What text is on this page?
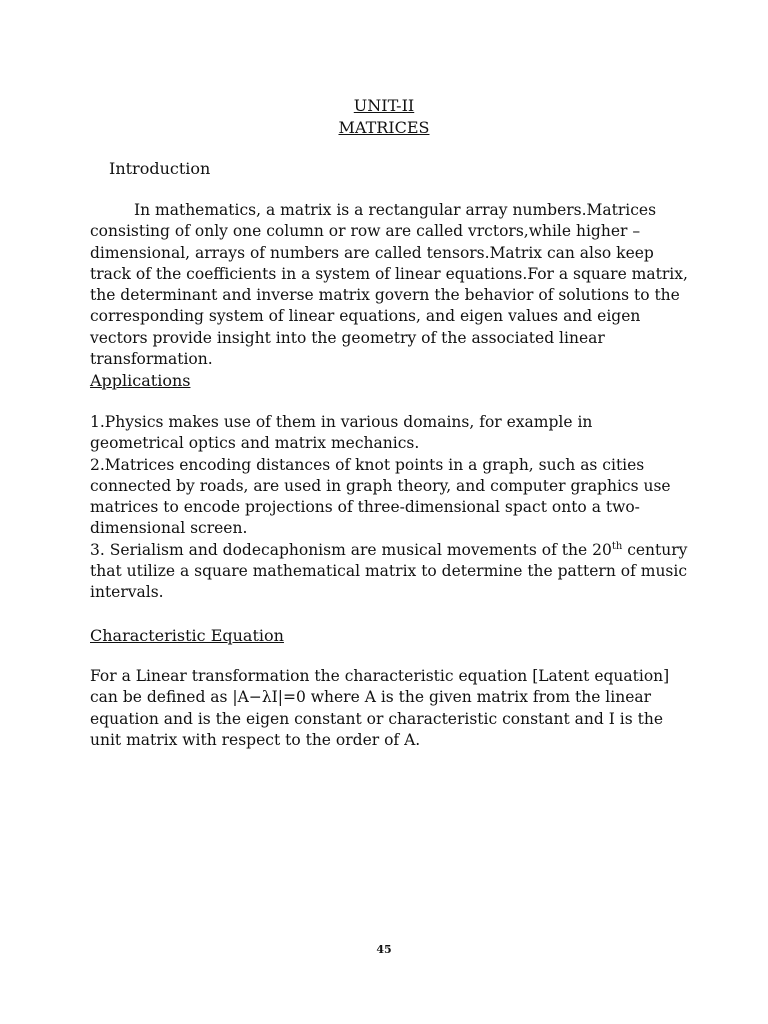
UNIT-II
MATRICES
Introduction
In mathematics, a matrix is a rectangular array numbers.Matrices consisting of only one column or row are called vrctors,while higher – dimensional, arrays of numbers are called tensors.Matrix can also keep track of the coefficients in a system of linear equations.For a square matrix, the determinant and inverse matrix govern the behavior of solutions to the corresponding system of linear equations, and eigen values and eigen vectors provide insight into the geometry of the associated linear transformation.
Applications
1.Physics makes use of them in various domains, for example in geometrical optics and matrix mechanics.
2.Matrices encoding distances of knot points in a graph, such as cities connected by roads, are used in graph theory, and computer graphics use matrices to encode projections of three-dimensional spact onto a two-dimensional screen.
3. Serialism and dodecaphonism are musical movements of the 20th century that utilize a square mathematical matrix to determine the pattern of music intervals.
Characteristic Equation
For a Linear transformation the characteristic equation [Latent equation] can be defined as |A−λI|=0 where A is the given matrix from the linear equation and is the eigen constant or characteristic constant and I is the unit matrix with respect to the order of A.
45
